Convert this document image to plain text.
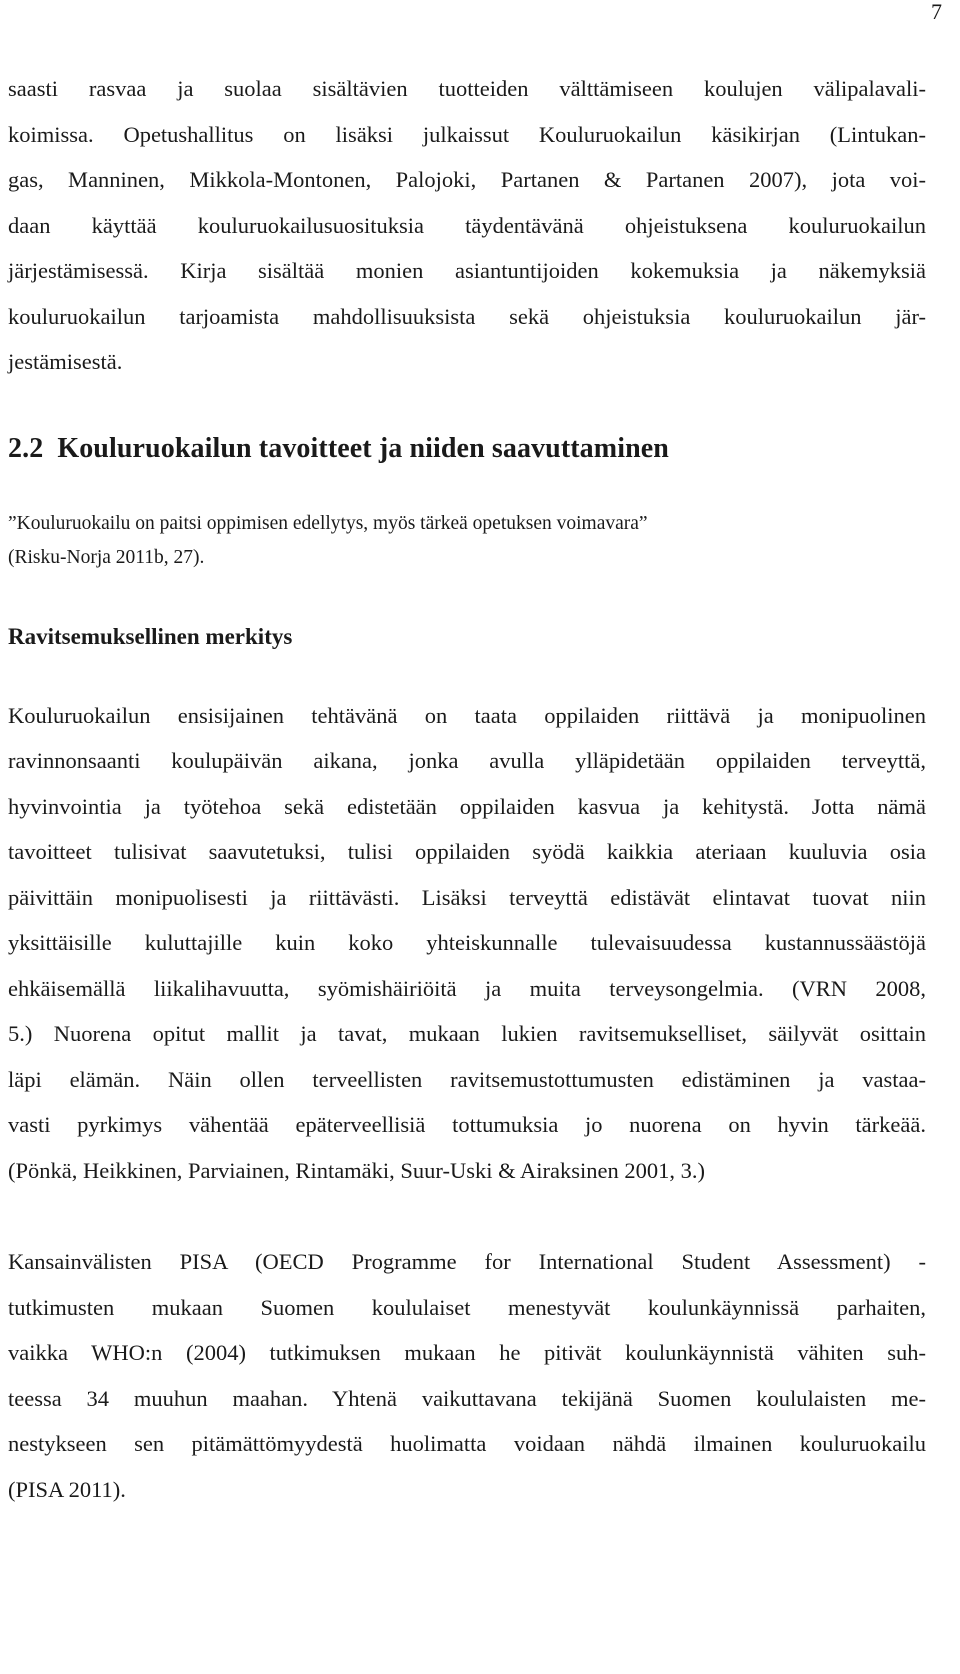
7
saasti rasvaa ja suolaa sisältävien tuotteiden välttämiseen koulujen välipalavali-
koimissa. Opetushallitus on lisäksi julkaissut Kouluruokailun käsikirjan (Lintukan-
gas, Manninen, Mikkola-Montonen, Palojoki, Partanen & Partanen 2007), jota voi-
daan käyttää kouluruokailusuosituksia täydentävänä ohjeistuksena kouluruokailun
järjestämisessä. Kirja sisältää monien asiantuntijoiden kokemuksia ja näkemyksiä
kouluruokailun tarjoamista mahdollisuuksista sekä ohjeistuksia kouluruokailun jär-
jestämisestä.
2.2 Kouluruokailun tavoitteet ja niiden saavuttaminen
”Kouluruokailu on paitsi oppimisen edellytys, myös tärkeä opetuksen voimavara”
(Risku-Norja 2011b, 27).
Ravitsemuksellinen merkitys
Kouluruokailun ensisijainen tehtävänä on taata oppilaiden riittävä ja monipuolinen
ravinnonsaanti koulupäivän aikana, jonka avulla ylläpidetään oppilaiden terveyttä,
hyvinvointia ja työtehoa sekä edistetään oppilaiden kasvua ja kehitystä. Jotta nämä
tavoitteet tulisivat saavutetuksi, tulisi oppilaiden syödä kaikkia ateriaan kuuluvia osia
päivittäin monipuolisesti ja riittävästi. Lisäksi terveyttä edistävät elintavat tuovat niin
yksittäisille kuluttajille kuin koko yhteiskunnalle tulevaisuudessa kustannussäästöjä
ehkäisemällä liikalihavuutta, syömishäiriöitä ja muita terveysongelmia. (VRN 2008,
5.) Nuorena opitut mallit ja tavat, mukaan lukien ravitsemukselliset, säilyvät osittain
läpi elämän. Näin ollen terveellisten ravitsemustottumusten edistäminen ja vastaa-
vasti pyrkimys vähentää epäterveellisiä tottumuksia jo nuorena on hyvin tärkeää.
(Pönkä, Heikkinen, Parviainen, Rintamäki, Suur-Uski & Airaksinen 2001, 3.)
Kansainvälisten PISA (OECD Programme for International Student Assessment) -
tutkimusten mukaan Suomen koululaiset menestyvät koulunkäynnissä parhaiten,
vaikka WHO:n (2004) tutkimuksen mukaan he pitivät koulunkäynnistä vähiten suh-
teessa 34 muuhun maahan. Yhtenä vaikuttavana tekijänä Suomen koululaisten me-
nestykseen sen pitämättömyydestä huolimatta voidaan nähdä ilmainen kouluruokailu
(PISA 2011).
